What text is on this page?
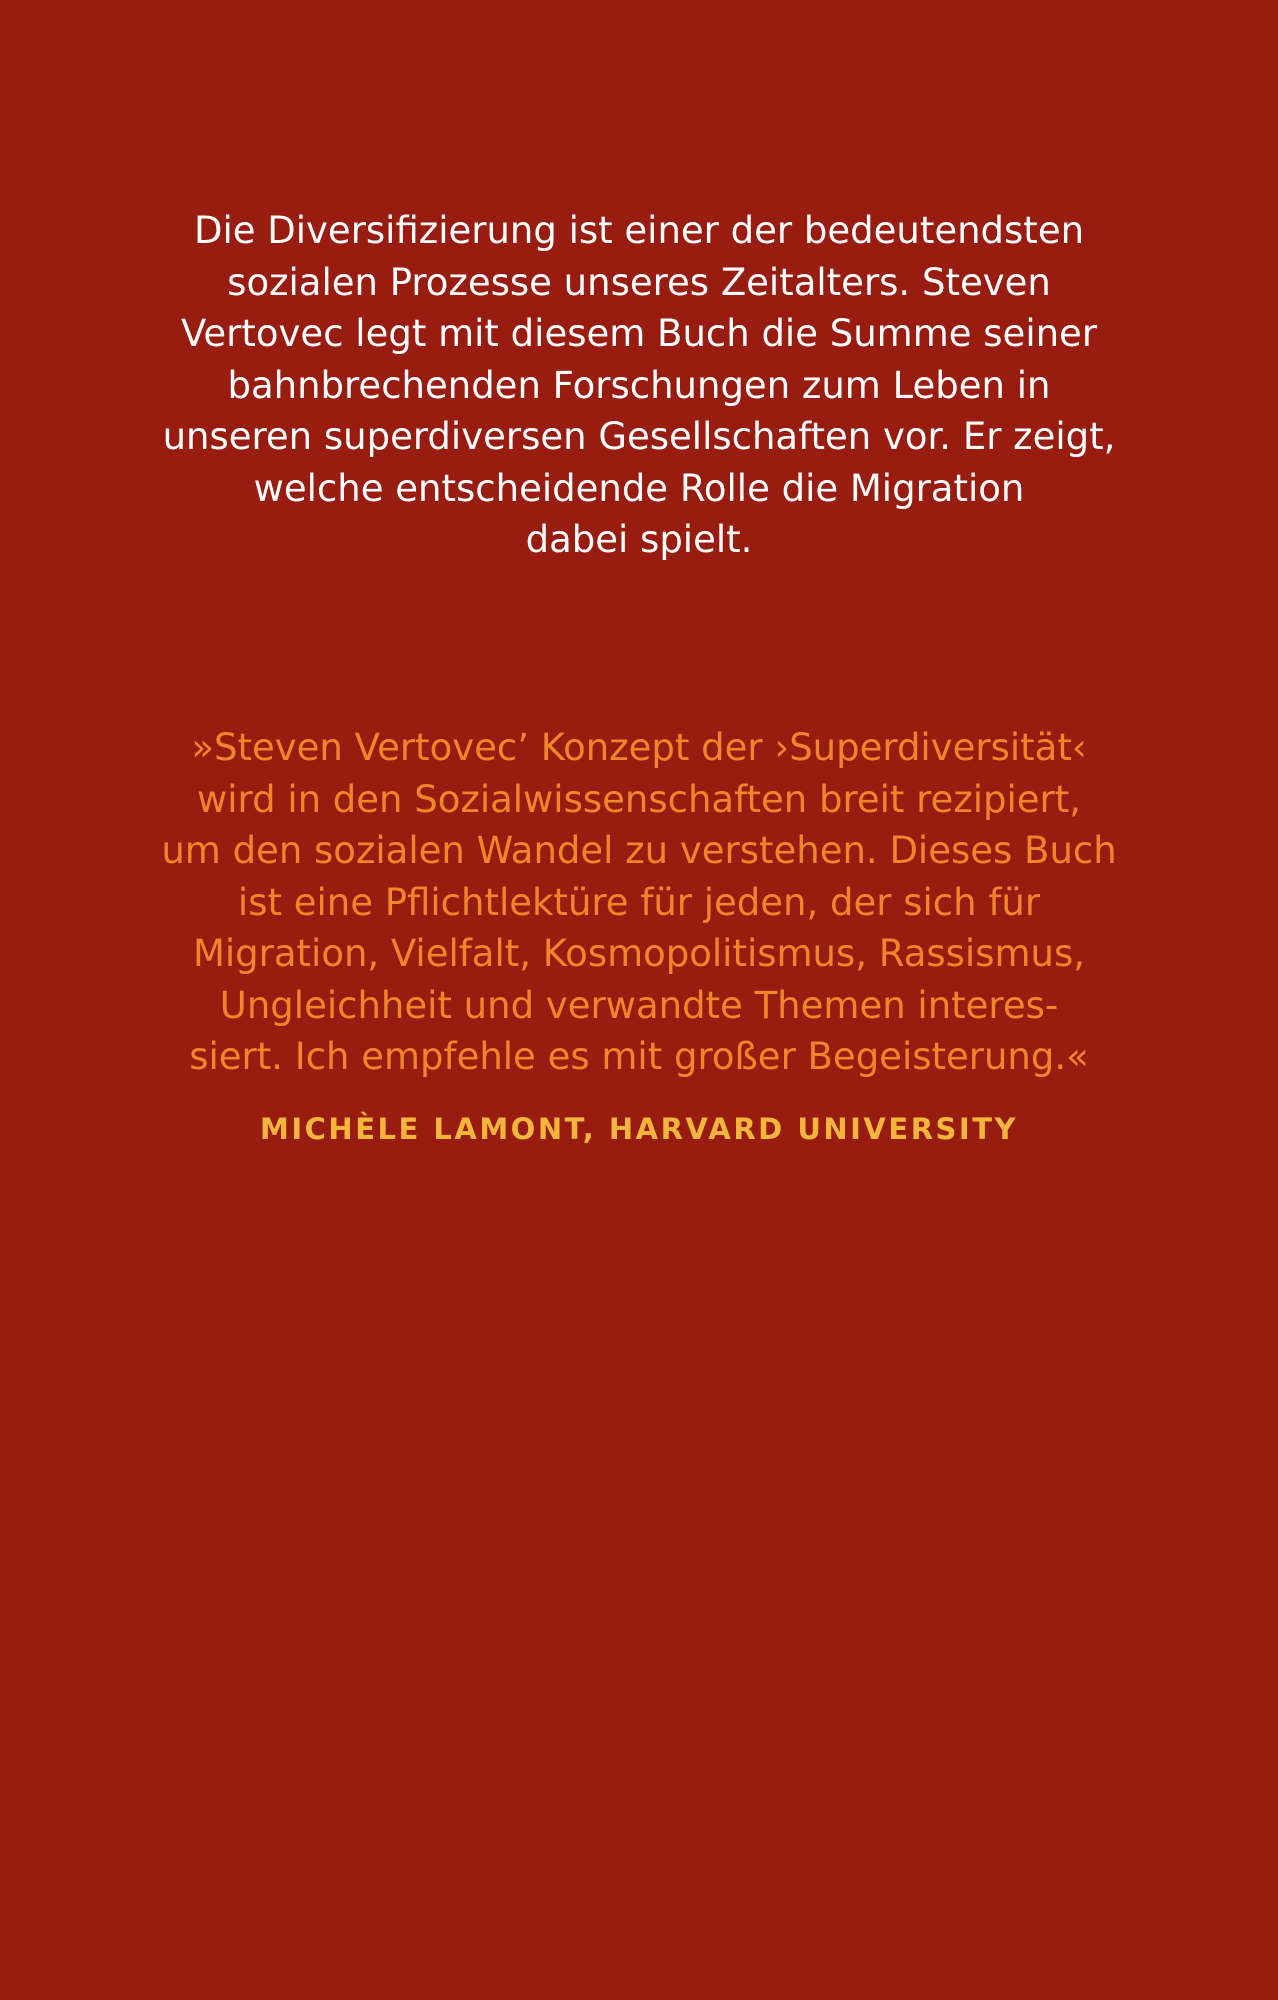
Die Diversifizierung ist einer der bedeutendsten
sozialen Prozesse unseres Zeitalters. Steven
Vertovec legt mit diesem Buch die Summe seiner
bahnbrechenden Forschungen zum Leben in
unseren superdiversen Gesellschaften vor. Er zeigt,
welche entscheidende Rolle die Migration
dabei spielt.
»Steven Vertovec’ Konzept der ›Superdiversität‹
wird in den Sozialwissenschaften breit rezipiert,
um den sozialen Wandel zu verstehen. Dieses Buch
ist eine Pflichtlektüre für jeden, der sich für
Migration, Vielfalt, Kosmopolitismus, Rassismus,
Ungleichheit und verwandte Themen interes-
siert. Ich empfehle es mit großer Begeisterung.«
MICHÈLE LAMONT, HARVARD UNIVERSITY
